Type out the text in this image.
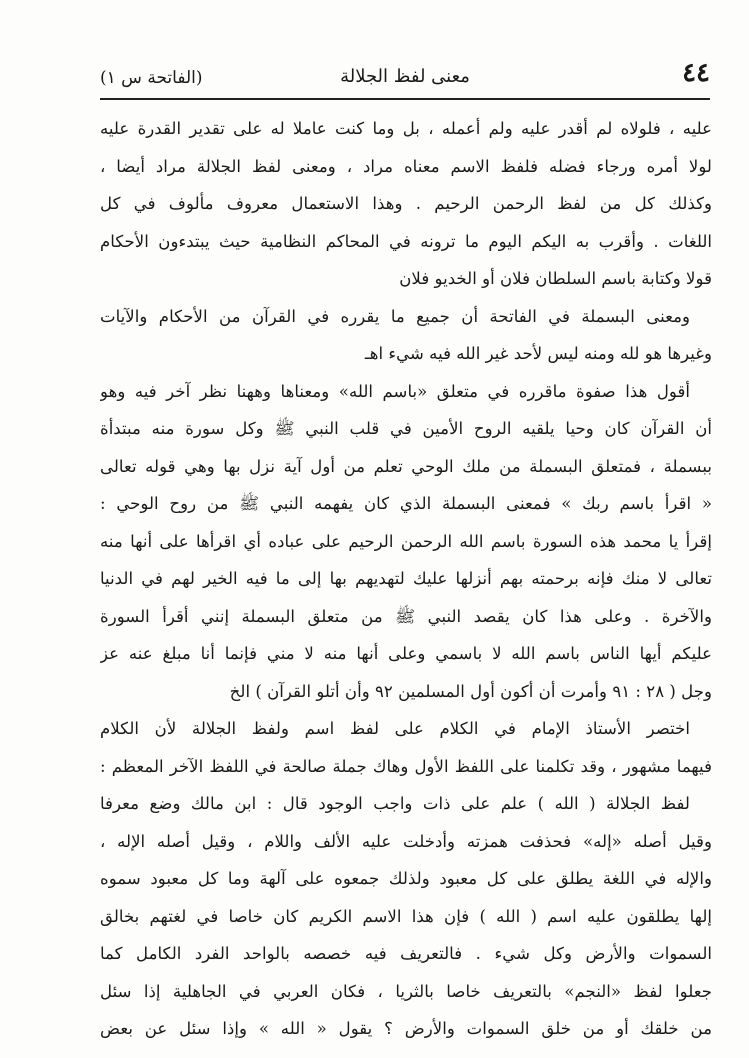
٤٤
معنى لفظ الجلالة
(الفاتحة س ١)
عليه ، فلولاه لم أقدر عليه ولم أعمله ، بل وما كنت عاملا له على تقدير القدرة عليه
لولا أمره ورجاء فضله فلفظ الاسم معناه مراد ، ومعنى لفظ الجلالة مراد أيضا ،
وكذلك كل من لفظ الرحمن الرحيم . وهذا الاستعمال معروف مألوف في كل
اللغات . وأقرب به اليكم اليوم ما ترونه في المحاكم النظامية حيث يبتدءون الأحكام
قولا وكتابة باسم السلطان فلان أو الخديو فلان
ومعنى البسملة في الفاتحة أن جميع ما يقرره في القرآن من الأحكام والآيات
وغيرها هو لله ومنه ليس لأحد غير الله فيه شيء اهـ
أقول هذا صفوة ماقرره في متعلق «باسم الله» ومعناها وههنا نظر آخر فيه وهو
أن القرآن كان وحيا يلقيه الروح الأمين في قلب النبي ﷺ وكل سورة منه مبتدأة
ببسملة ، فمتعلق البسملة من ملك الوحي تعلم من أول آية نزل بها وهي قوله تعالى
« اقرأ باسم ربك » فمعنى البسملة الذي كان يفهمه النبي ﷺ من روح الوحي :
إقرأ يا محمد هذه السورة باسم الله الرحمن الرحيم على عباده أي اقرأها على أنها منه
تعالى لا منك فإنه برحمته بهم أنزلها عليك لتهديهم بها إلى ما فيه الخير لهم في الدنيا
والآخرة . وعلى هذا كان يقصد النبي ﷺ من متعلق البسملة إنني أقرأ السورة
عليكم أيها الناس باسم الله لا باسمي وعلى أنها منه لا مني فإنما أنا مبلغ عنه عز
وجل ( ٢٨ : ٩١ وأمرت أن أكون أول المسلمين ٩٢ وأن أتلو القرآن ) الخ
اختصر الأستاذ الإمام في الكلام على لفظ اسم ولفظ الجلالة لأن الكلام
فيهما مشهور ، وقد تكلمنا على اللفظ الأول وهاك جملة صالحة في اللفظ الآخر المعظم :
لفظ الجلالة ( الله ) علم على ذات واجب الوجود قال : ابن مالك وضع معرفا
وقيل أصله «إله» فحذفت همزته وأدخلت عليه الألف واللام ، وقيل أصله الإله ،
والإله في اللغة يطلق على كل معبود ولذلك جمعوه على آلهة وما كل معبود سموه
إلها يطلقون عليه اسم ( الله ) فإن هذا الاسم الكريم كان خاصا في لغتهم بخالق
السموات والأرض وكل شيء . فالتعريف فيه خصصه بالواحد الفرد الكامل كما
جعلوا لفظ «النجم» بالتعريف خاصا بالثريا ، فكان العربي في الجاهلية إذا سئل
من خلقك أو من خلق السموات والأرض ؟ يقول « الله » وإذا سئل عن بعض
